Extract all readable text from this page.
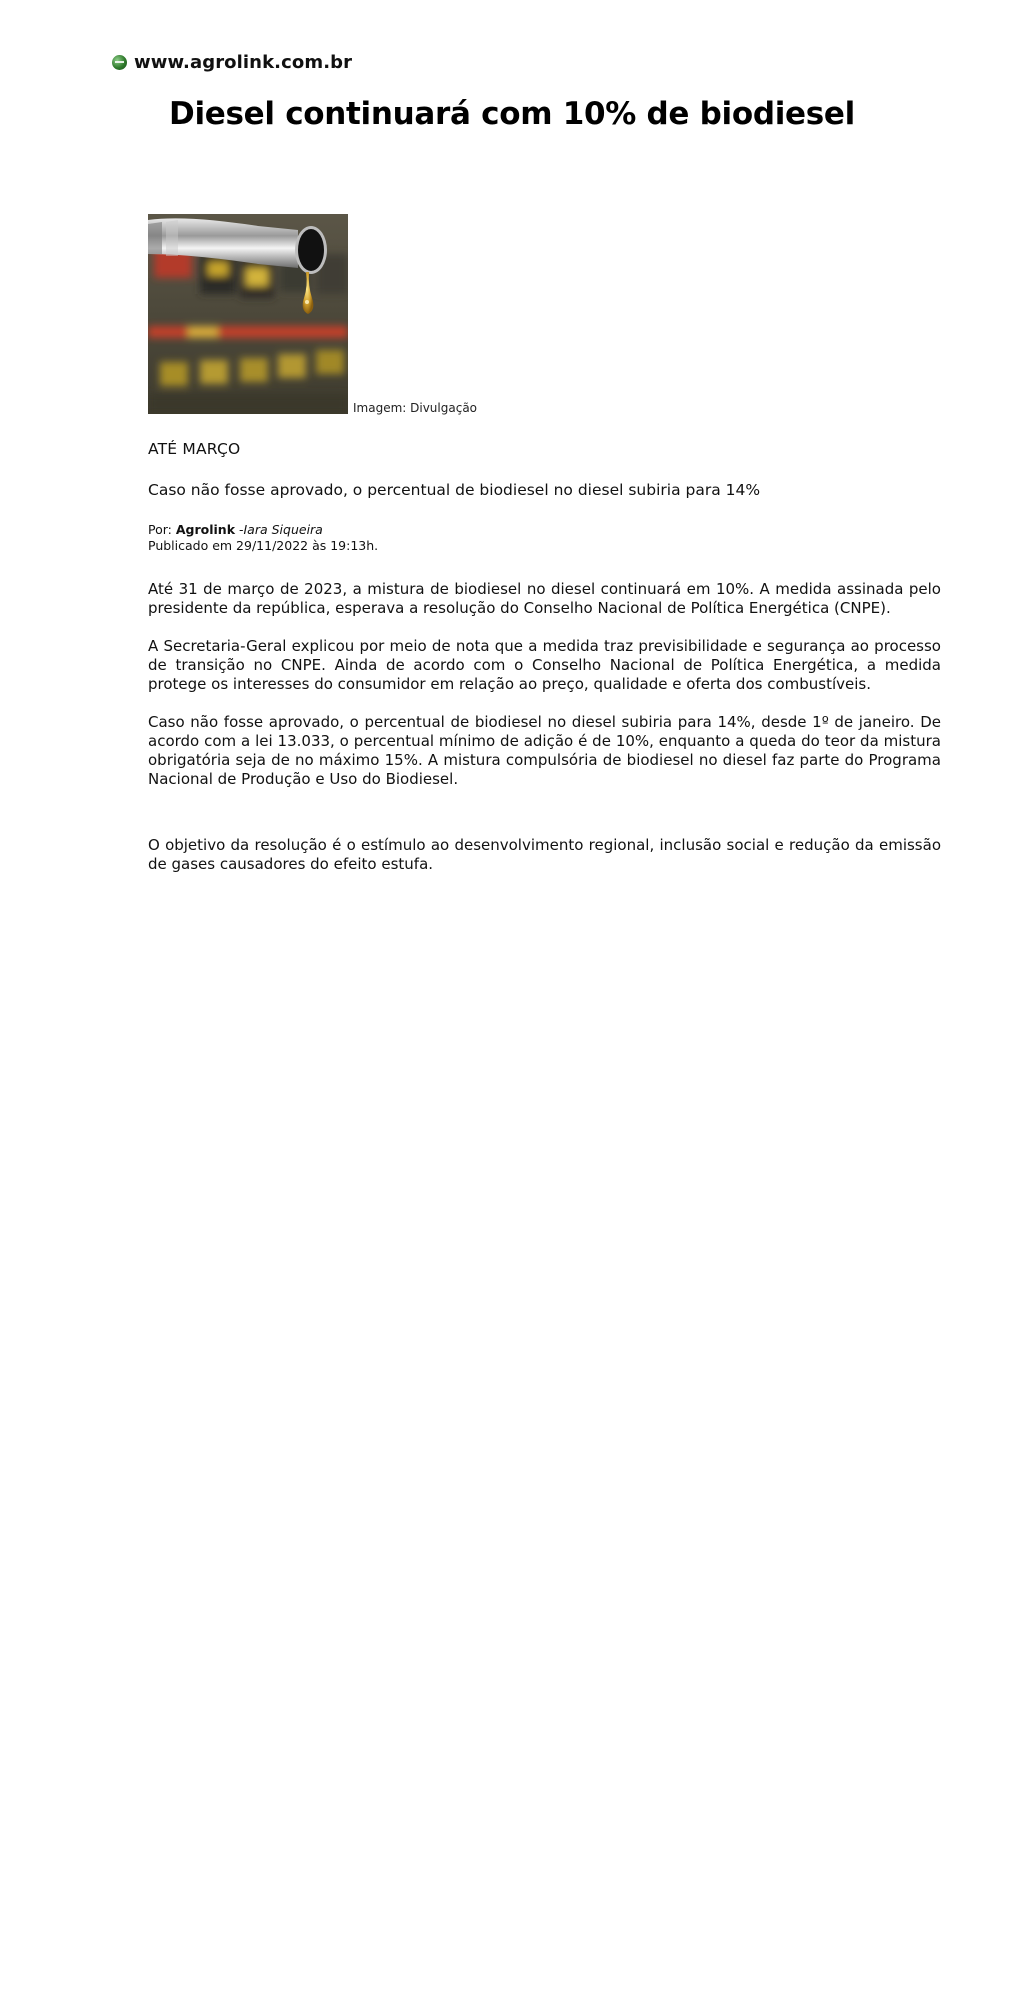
www.agrolink.com.br
Diesel continuará com 10% de biodiesel
Imagem: Divulgação

ATÉ MARÇO

Caso não fosse aprovado, o percentual de biodiesel no diesel subiria para 14%

Por: Agrolink -Iara Siqueira
Publicado em 29/11/2022 às 19:13h.

Até 31 de março de 2023, a mistura de biodiesel no diesel continuará em 10%. A medida assinada pelo presidente da república, esperava a resolução do Conselho Nacional de Política Energética (CNPE).

A Secretaria-Geral explicou por meio de nota que a medida traz previsibilidade e segurança ao processo de transição no CNPE. Ainda de acordo com o Conselho Nacional de Política Energética, a medida protege os interesses do consumidor em relação ao preço, qualidade e oferta dos combustíveis.

Caso não fosse aprovado, o percentual de biodiesel no diesel subiria para 14%, desde 1º de janeiro. De acordo com a lei 13.033, o percentual mínimo de adição é de 10%, enquanto a queda do teor da mistura obrigatória seja de no máximo 15%. A mistura compulsória de biodiesel no diesel faz parte do Programa Nacional de Produção e Uso do Biodiesel.

O objetivo da resolução é o estímulo ao desenvolvimento regional, inclusão social e redução da emissão de gases causadores do efeito estufa.
